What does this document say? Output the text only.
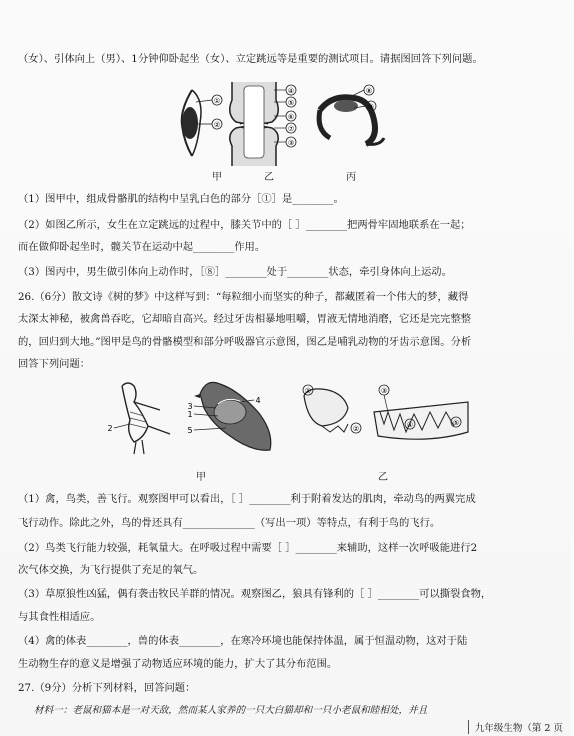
（女）、引体向上（男）、1分钟仰卧起坐（女）、立定跳远等是重要的测试项目。请据图回答下列问题。
①
②
④
⑤
⑥
⑦
③
⑧
⑨
甲	乙	丙
（1）图甲中，组成骨骼肌的结构中呈乳白色的部分［①］是________。
（2）如图乙所示，女生在立定跳远的过程中，膝关节中的［ ］________把两骨牢固地联系在一起；
而在做仰卧起坐时，髋关节在运动中起________作用。
（3）图丙中，男生做引体向上动作时，［⑧］________处于________状态，牵引身体向上运动。
26.（6分）散文诗《树的梦》中这样写到：“每粒细小而坚实的种子，都藏匿着一个伟大的梦，藏得
太深太神秘，被禽兽吞吃，它却暗自高兴。经过牙齿相暴地咀嚼，胃液无情地消磨，它还是完完整整
的，回归到大地。”图甲是鸟的骨骼模型和部分呼吸器官示意图，图乙是哺乳动物的牙齿示意图。分析
回答下列问题：
2
3
1
4
5
①
②
③
④	⑤
甲	乙
（1）禽，鸟类，善飞行。观察图甲可以看出，［ ］________利于附着发达的肌肉，牵动鸟的两翼完成
飞行动作。除此之外，鸟的骨还具有______________（写出一项）等特点，有利于鸟的飞行。
（2）鸟类飞行能力较强，耗氧量大。在呼吸过程中需要［ ］________来辅助，这样一次呼吸能进行2
次气体交换，为飞行提供了充足的氧气。
（3）草原狼性凶猛，偶有袭击牧民羊群的情况。观察图乙，狼具有锋利的［ ］________可以撕裂食物，
与其食性相适应。
（4）禽的体表________，兽的体表________，在寒冷环境也能保持体温，属于恒温动物，这对于陆
生动物生存的意义是增强了动物适应环境的能力，扩大了其分布范围。
27.（9分）分析下列材料，回答问题：
材料一：老鼠和猫本是一对天敌，然而某人家养的一只大白猫却和一只小老鼠和睦相处，并且
九年级生物（第 2 页
